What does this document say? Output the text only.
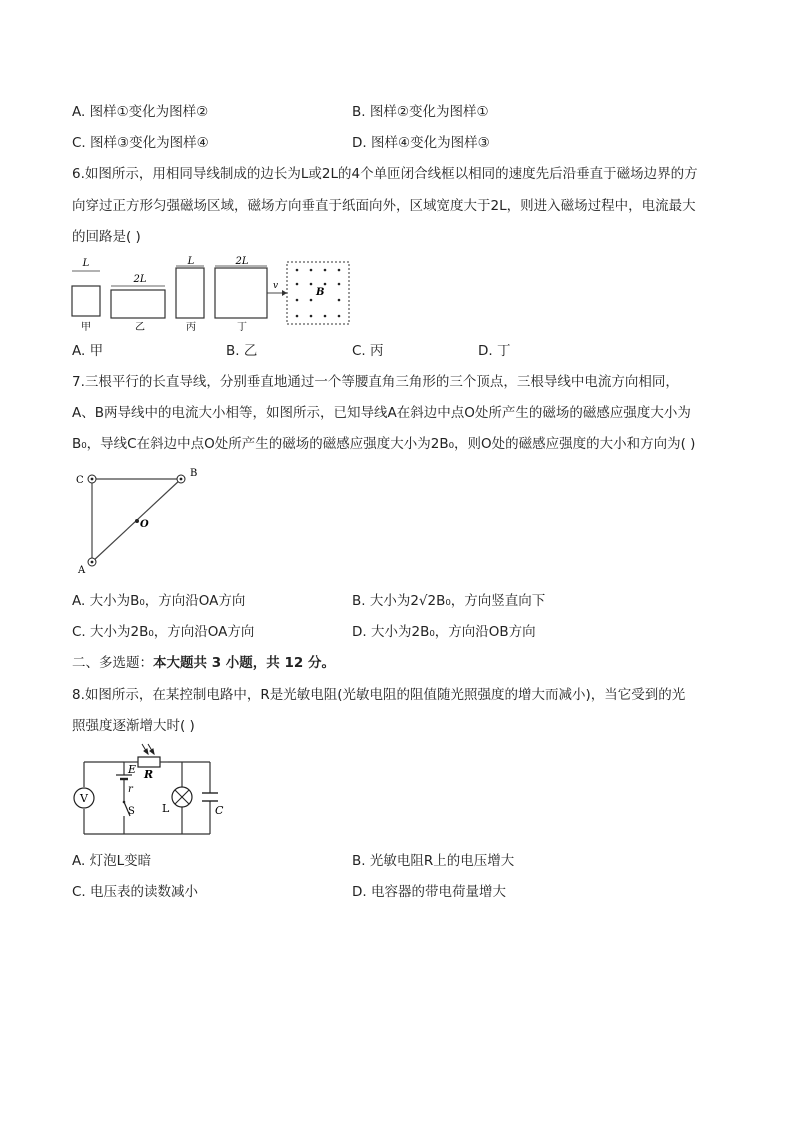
A. 图样①变化为图样②	B. 图样②变化为图样①
C. 图样③变化为图样④	D. 图样④变化为图样③
6.如图所示，用相同导线制成的边长为L或2L的4个单匝闭合线框以相同的速度先后沿垂直于磁场边界的方
向穿过正方形匀强磁场区域，磁场方向垂直于纸面向外，区域宽度大于2L，则进入磁场过程中，电流最大
的回路是( )
L
甲
2L
乙
L
丙
2L
丁
v
B
A. 甲	B. 乙	C. 丙	D. 丁
7.三根平行的长直导线，分别垂直地通过一个等腰直角三角形的三个顶点，三根导线中电流方向相同，
A、B两导线中的电流大小相等，如图所示，已知导线A在斜边中点O处所产生的磁场的磁感应强度大小为
B₀，导线C在斜边中点O处所产生的磁场的磁感应强度大小为2B₀，则O处的磁感应强度的大小和方向为( )
C
B
A
O
A. 大小为B₀，方向沿OA方向	B. 大小为2√2B₀，方向竖直向下
C. 大小为2B₀，方向沿OA方向	D. 大小为2B₀，方向沿OB方向
二、多选题：本大题共 3 小题，共 12 分。
8.如图所示，在某控制电路中，R是光敏电阻(光敏电阻的阻值随光照强度的增大而减小)，当它受到的光
照强度逐渐增大时( )
V
E
r
R
S L	C
A. 灯泡L变暗	B. 光敏电阻R上的电压增大
C. 电压表的读数减小	D. 电容器的带电荷量增大
